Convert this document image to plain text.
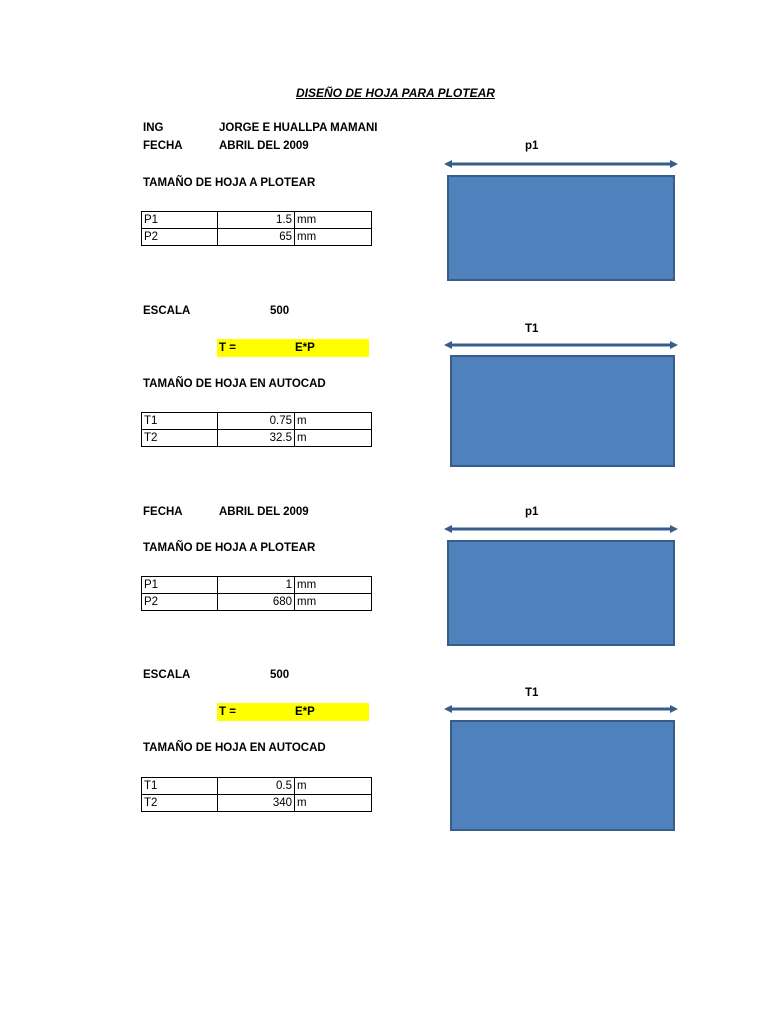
DISEÑO DE HOJA PARA PLOTEAR
ING	JORGE E HUALLPA MAMANI
FECHA	ABRIL DEL 2009
TAMAÑO DE HOJA A PLOTEAR
P1	1.5	mm
P2	65	mm
ESCALA	500
T =	E*P
TAMAÑO DE HOJA EN AUTOCAD
T1	0.75	m
T2	32.5	m
p1
T1
FECHA	ABRIL DEL 2009
TAMAÑO DE HOJA A PLOTEAR
P1	1	mm
P2	680	mm
ESCALA	500
T =	E*P
TAMAÑO DE HOJA EN AUTOCAD
T1	0.5	m
T2	340	m
p1
T1
